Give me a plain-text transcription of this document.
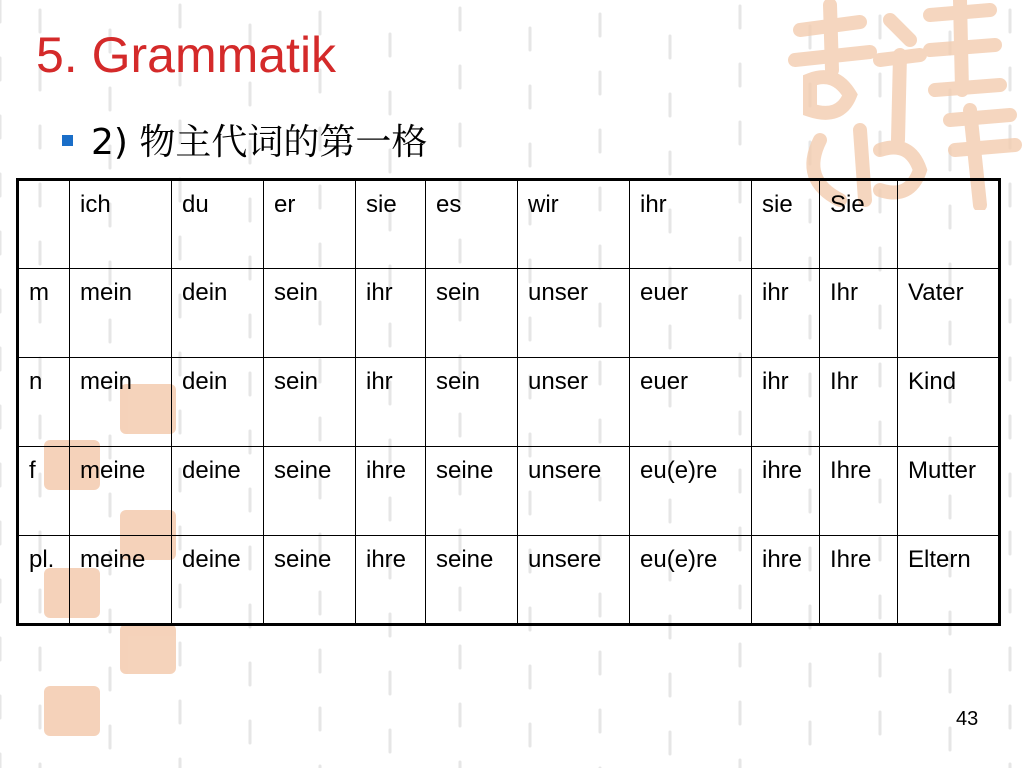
5. Grammatik
2) 物主代词的第一格
	ich	du	er	sie	es	wir	ihr	sie	Sie	
m	mein	dein	sein	ihr	sein	unser	euer	ihr	Ihr	Vater
n	mein	dein	sein	ihr	sein	unser	euer	ihr	Ihr	Kind
f	meine	deine	seine	ihre	seine	unsere	eu(e)re	ihre	Ihre	Mutter
pl.	meine	deine	seine	ihre	seine	unsere	eu(e)re	ihre	Ihre	Eltern
43
